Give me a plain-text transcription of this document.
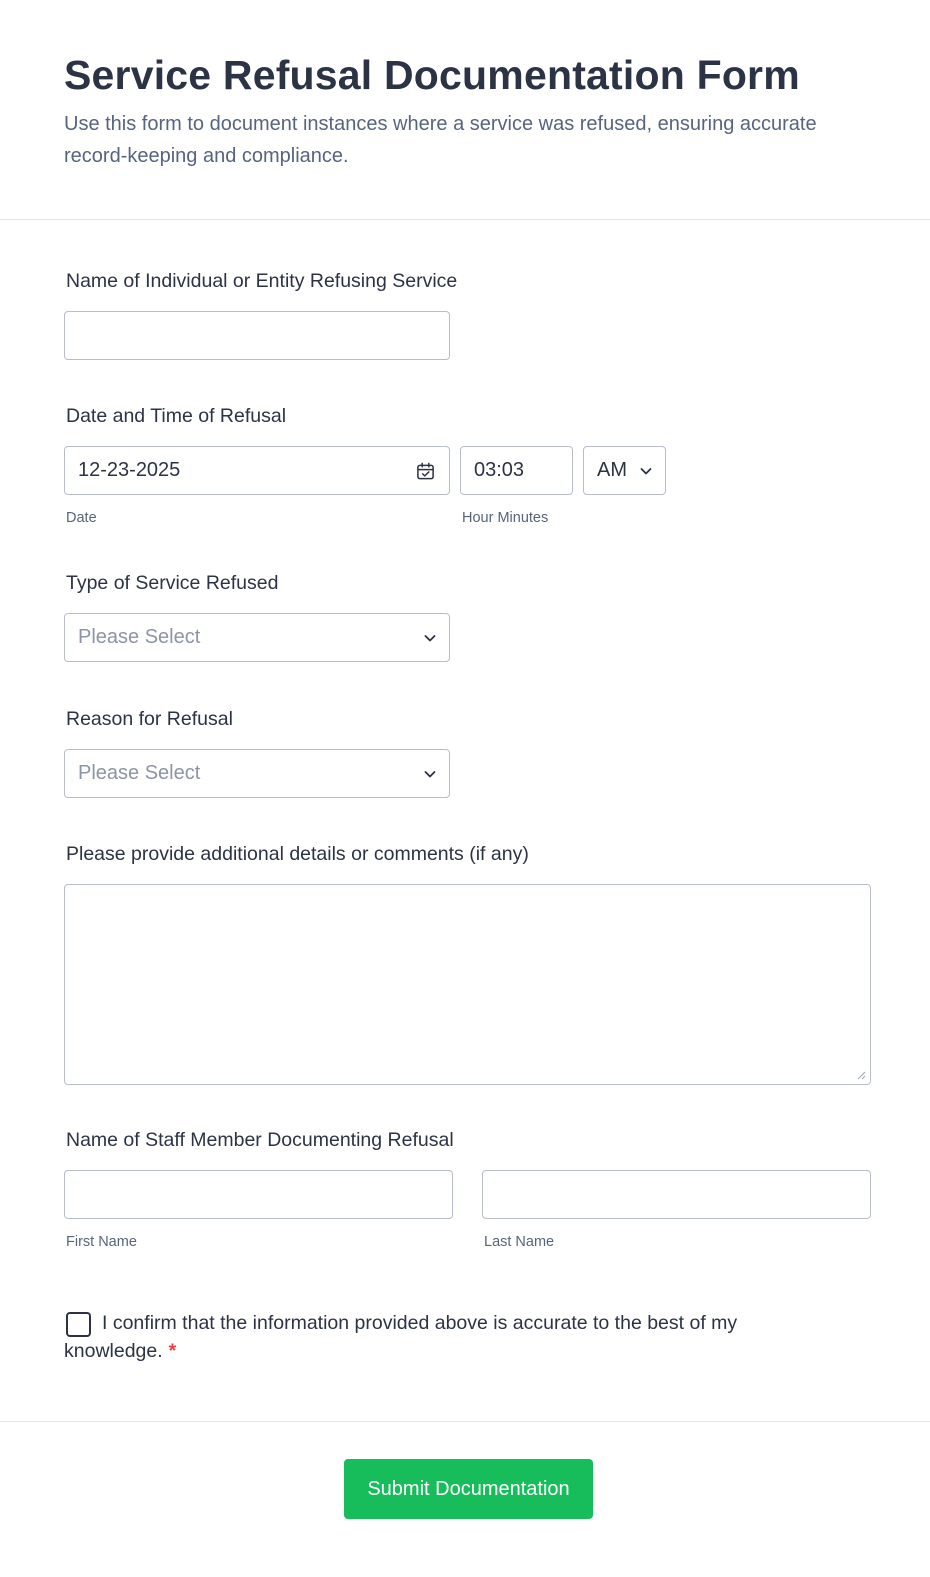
Service Refusal Documentation Form

Use this form to document instances where a service was refused, ensuring accurate record-keeping and compliance.

Name of Individual or Entity Refusing Service
Date and Time of Refusal
12-23-2025	03:03	AM
Date	Hour Minutes
Type of Service Refused
Please Select
Reason for Refusal
Please Select
Please provide additional details or comments (if any)
Name of Staff Member Documenting Refusal
First Name	Last Name

I confirm that the information provided above is accurate to the best of my knowledge. *

Submit Documentation
